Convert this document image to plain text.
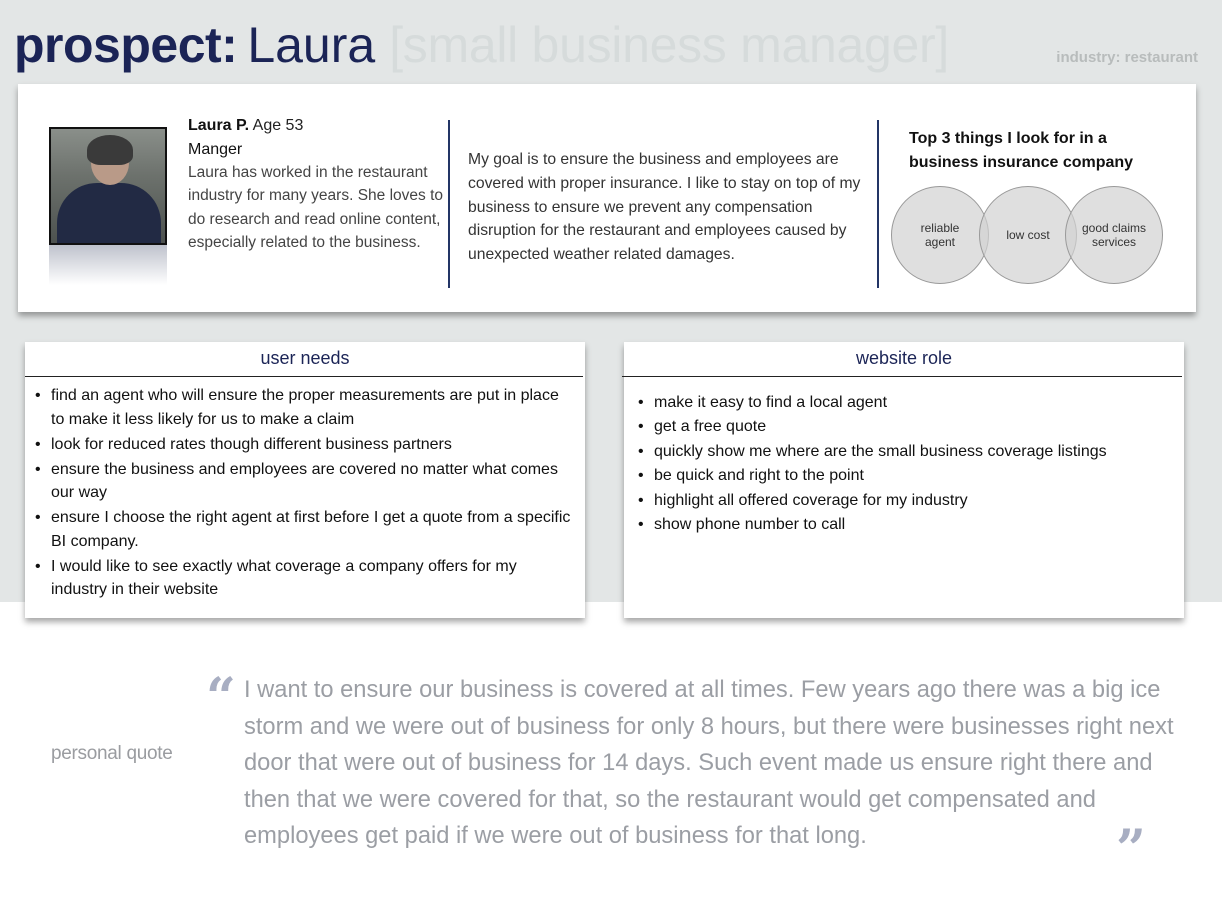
prospect: Laura [small business manager]	industry: restaurant
Laura P. Age 53
Manger
Laura has worked in the restaurant industry for many years. She loves to do research and read online content, especially related to the business.
My goal is to ensure the business and employees are covered with proper insurance. I like to stay on top of my business to ensure we prevent any compensation disruption for the restaurant and employees caused by unexpected weather related damages.
Top 3 things I look for in a business insurance company
reliable agent	low cost	good claims services
user needs
• find an agent who will ensure the proper measurements are put in place to make it less likely for us to make a claim
• look for reduced rates though different business partners
• ensure the business and employees are covered no matter what comes our way
• ensure I choose the right agent at first before I get a quote from a specific BI company.
• I would like to see exactly what coverage a company offers for my industry in their website
website role
• make it easy to find a local agent
• get a free quote
• quickly show me where are the small business coverage listings
• be quick and right to the point
• highlight all offered coverage for my industry
• show phone number to call
personal quote
“ I want to ensure our business is covered at all times. Few years ago there was a big ice storm and we were out of business for only 8 hours, but there were businesses right next door that were out of business for 14 days. Such event made us ensure right there and then that we were covered for that, so the restaurant would get compensated and employees get paid if we were out of business for that long.	”
